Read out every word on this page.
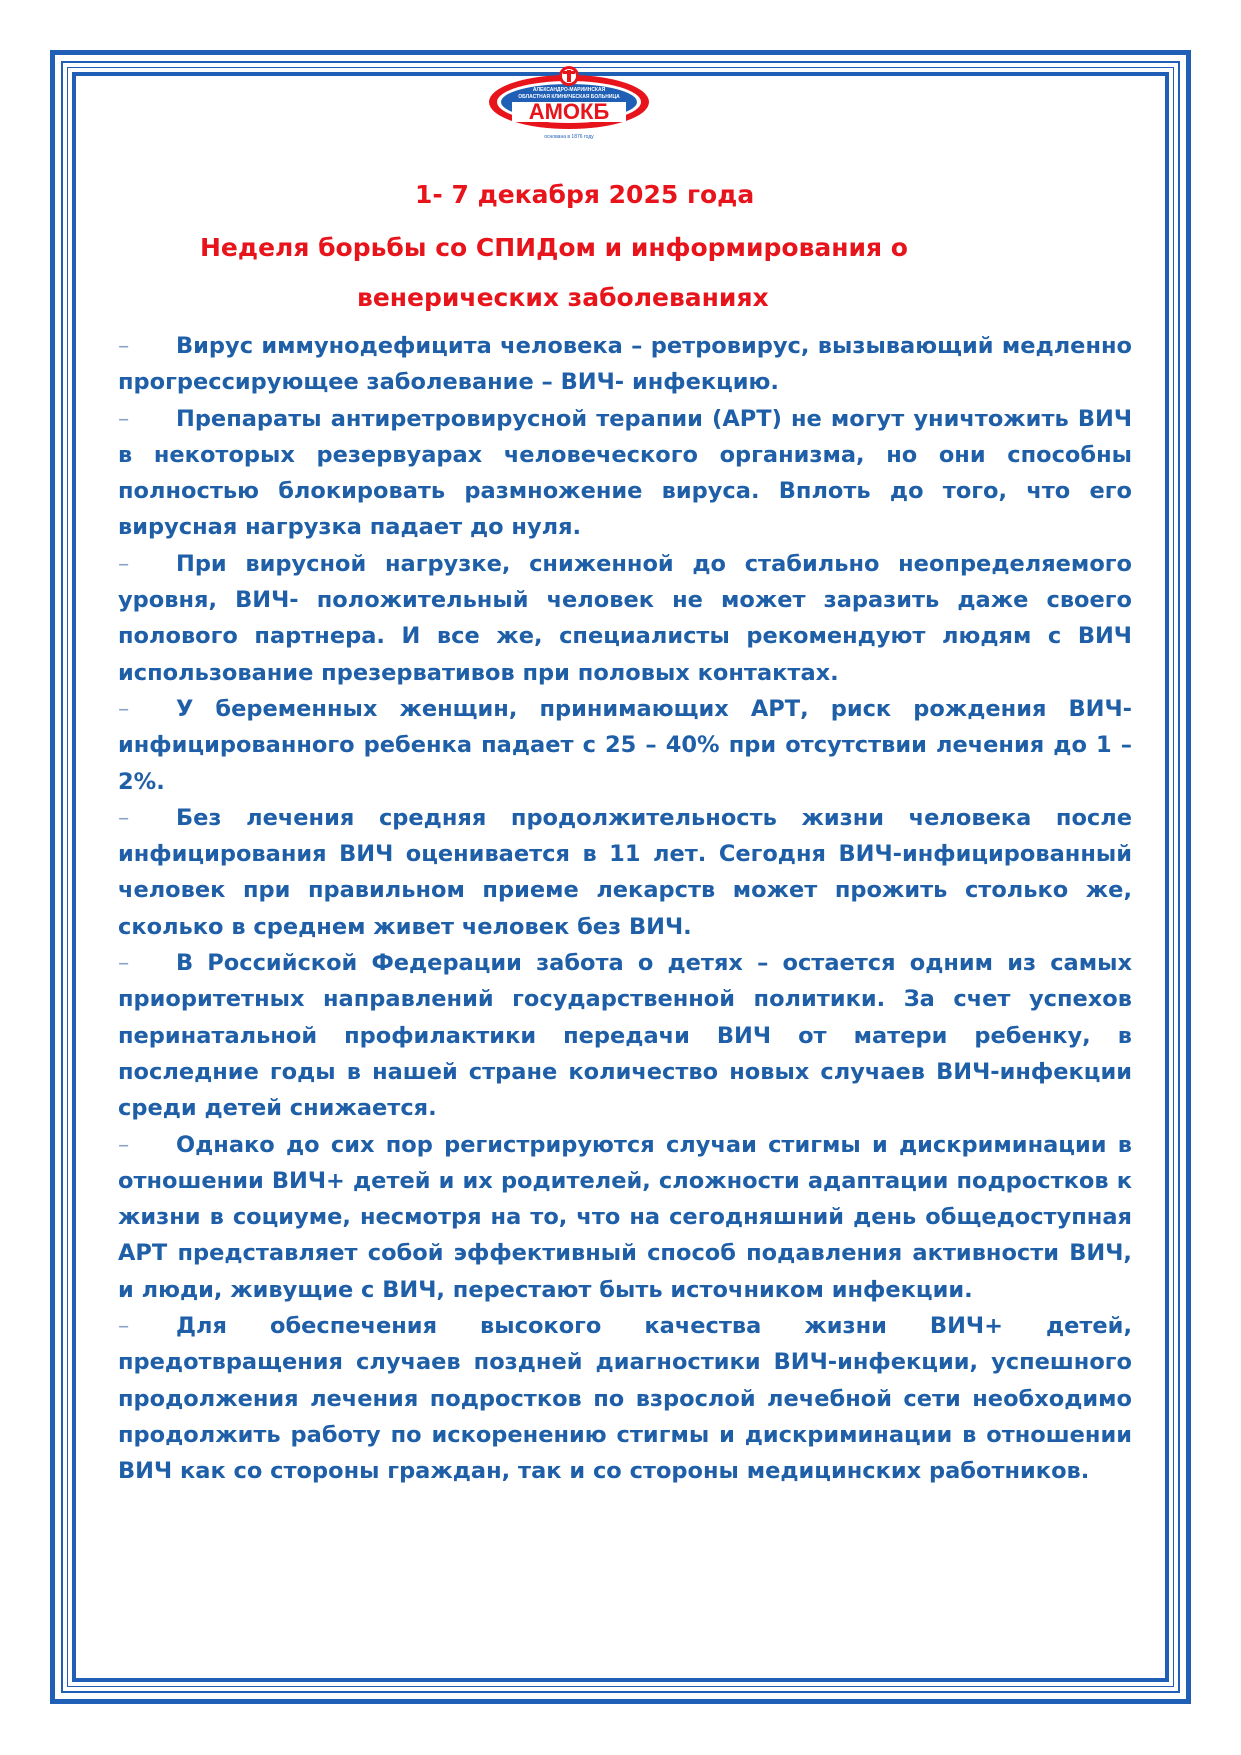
АМОКБ
АЛЕКСАНДРО-МАРИИНСКАЯ
ОБЛАСТНАЯ КЛИНИЧЕСКАЯ БОЛЬНИЦА
основана в 1876 году
1- 7 декабря 2025 года
Неделя борьбы со СПИДом и информирования о
венерических заболеваниях

– Вирус иммунодефицита человека – ретровирус, вызывающий медленно прогрессирующее заболевание – ВИЧ- инфекцию.

– Препараты антиретровирусной терапии (АРТ) не могут уничтожить ВИЧ в некоторых резервуарах человеческого организма, но они способны полностью блокировать размножение вируса. Вплоть до того, что его вирусная нагрузка падает до нуля.

– При вирусной нагрузке, сниженной до стабильно неопределяемого уровня, ВИЧ- положительный человек не может заразить даже своего полового партнера. И все же, специалисты рекомендуют людям с ВИЧ использование презервативов при половых контактах.

– У беременных женщин, принимающих АРТ, риск рождения ВИЧ-инфицированного ребенка падает с 25 – 40% при отсутствии лечения до 1 – 2%.

– Без лечения средняя продолжительность жизни человека после инфицирования ВИЧ оценивается в 11 лет. Сегодня ВИЧ-инфицированный человек при правильном приеме лекарств может прожить столько же, сколько в среднем живет человек без ВИЧ.

– В Российской Федерации забота о детях – остается одним из самых приоритетных направлений государственной политики. За счет успехов перинатальной профилактики передачи ВИЧ от матери ребенку, в последние годы в нашей стране количество новых случаев ВИЧ-инфекции среди детей снижается.

– Однако до сих пор регистрируются случаи стигмы и дискриминации в отношении ВИЧ+ детей и их родителей, сложности адаптации подростков к жизни в социуме, несмотря на то, что на сегодняшний день общедоступная АРТ представляет собой эффективный способ подавления активности ВИЧ, и люди, живущие с ВИЧ, перестают быть источником инфекции.

– Для обеспечения высокого качества жизни ВИЧ+ детей, предотвращения случаев поздней диагностики ВИЧ-инфекции, успешного продолжения лечения подростков по взрослой лечебной сети необходимо продолжить работу по искоренению стигмы и дискриминации в отношении ВИЧ как со стороны граждан, так и со стороны медицинских работников.
